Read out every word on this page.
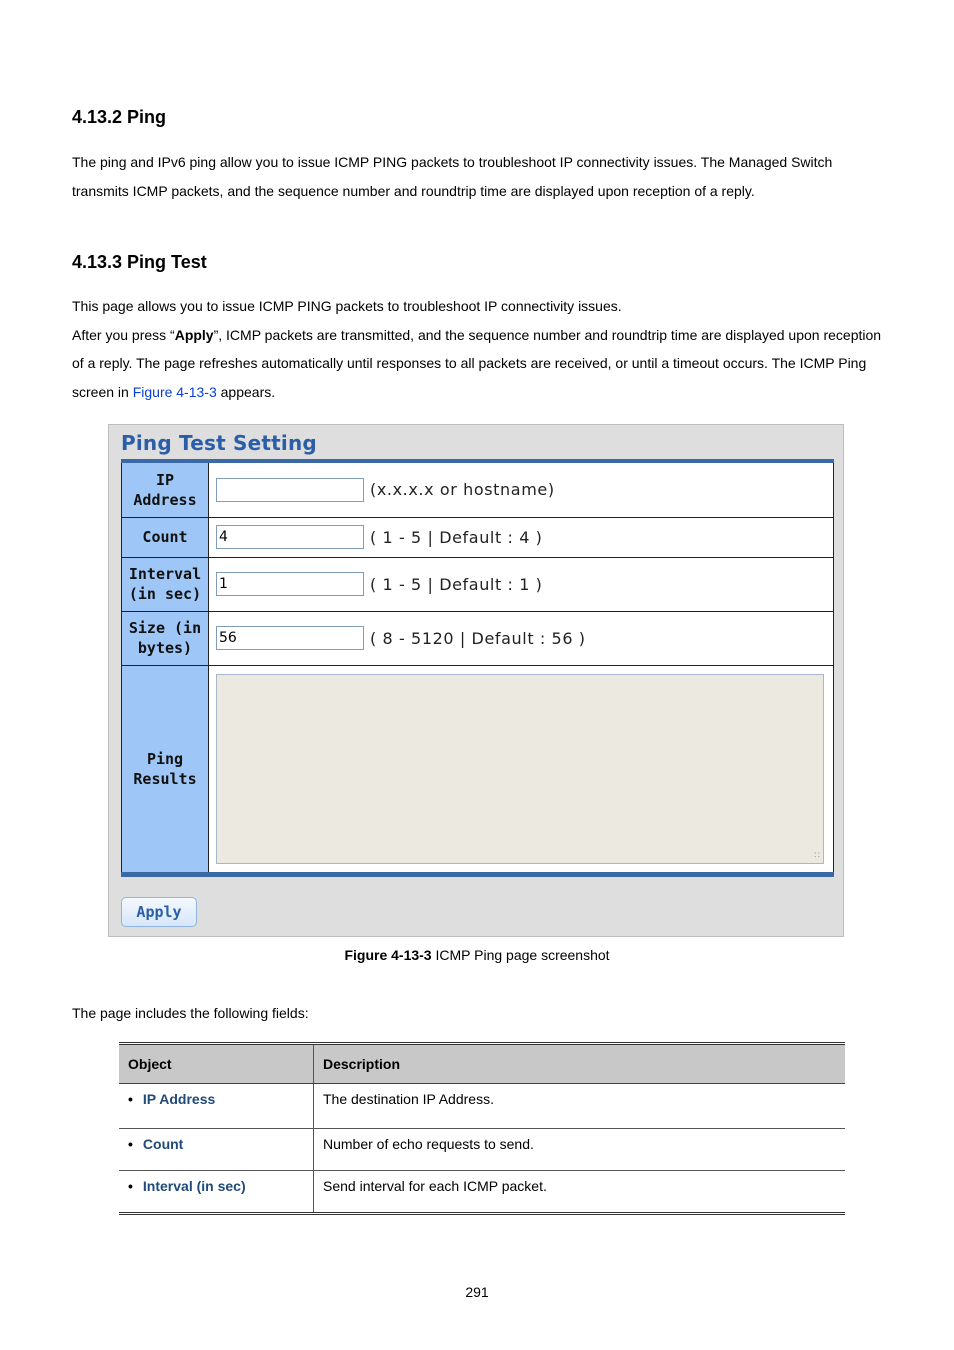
4.13.2 Ping

The ping and IPv6 ping allow you to issue ICMP PING packets to troubleshoot IP connectivity issues. The Managed Switch transmits ICMP packets, and the sequence number and roundtrip time are displayed upon reception of a reply.

4.13.3 Ping Test

This page allows you to issue ICMP PING packets to troubleshoot IP connectivity issues.
After you press “Apply”, ICMP packets are transmitted, and the sequence number and roundtrip time are displayed upon reception of a reply. The page refreshes automatically until responses to all packets are received, or until a timeout occurs. The ICMP Ping screen in Figure 4-13-3 appears.

Ping Test Setting
IP
Address	(x.x.x.x or hostname)
Count	4 ( 1 - 5 | Default : 4 )
Interval
(in sec)	1 ( 1 - 5 | Default : 1 )
Size (in
bytes)	56 ( 8 - 5120 | Default : 56 )
Ping
Results	∷
Apply
Figure 4-13-3 ICMP Ping page screenshot

The page includes the following fields:

Object	Description
• IP Address	The destination IP Address.
• Count	Number of echo requests to send.
• Interval (in sec)	Send interval for each ICMP packet.
291
